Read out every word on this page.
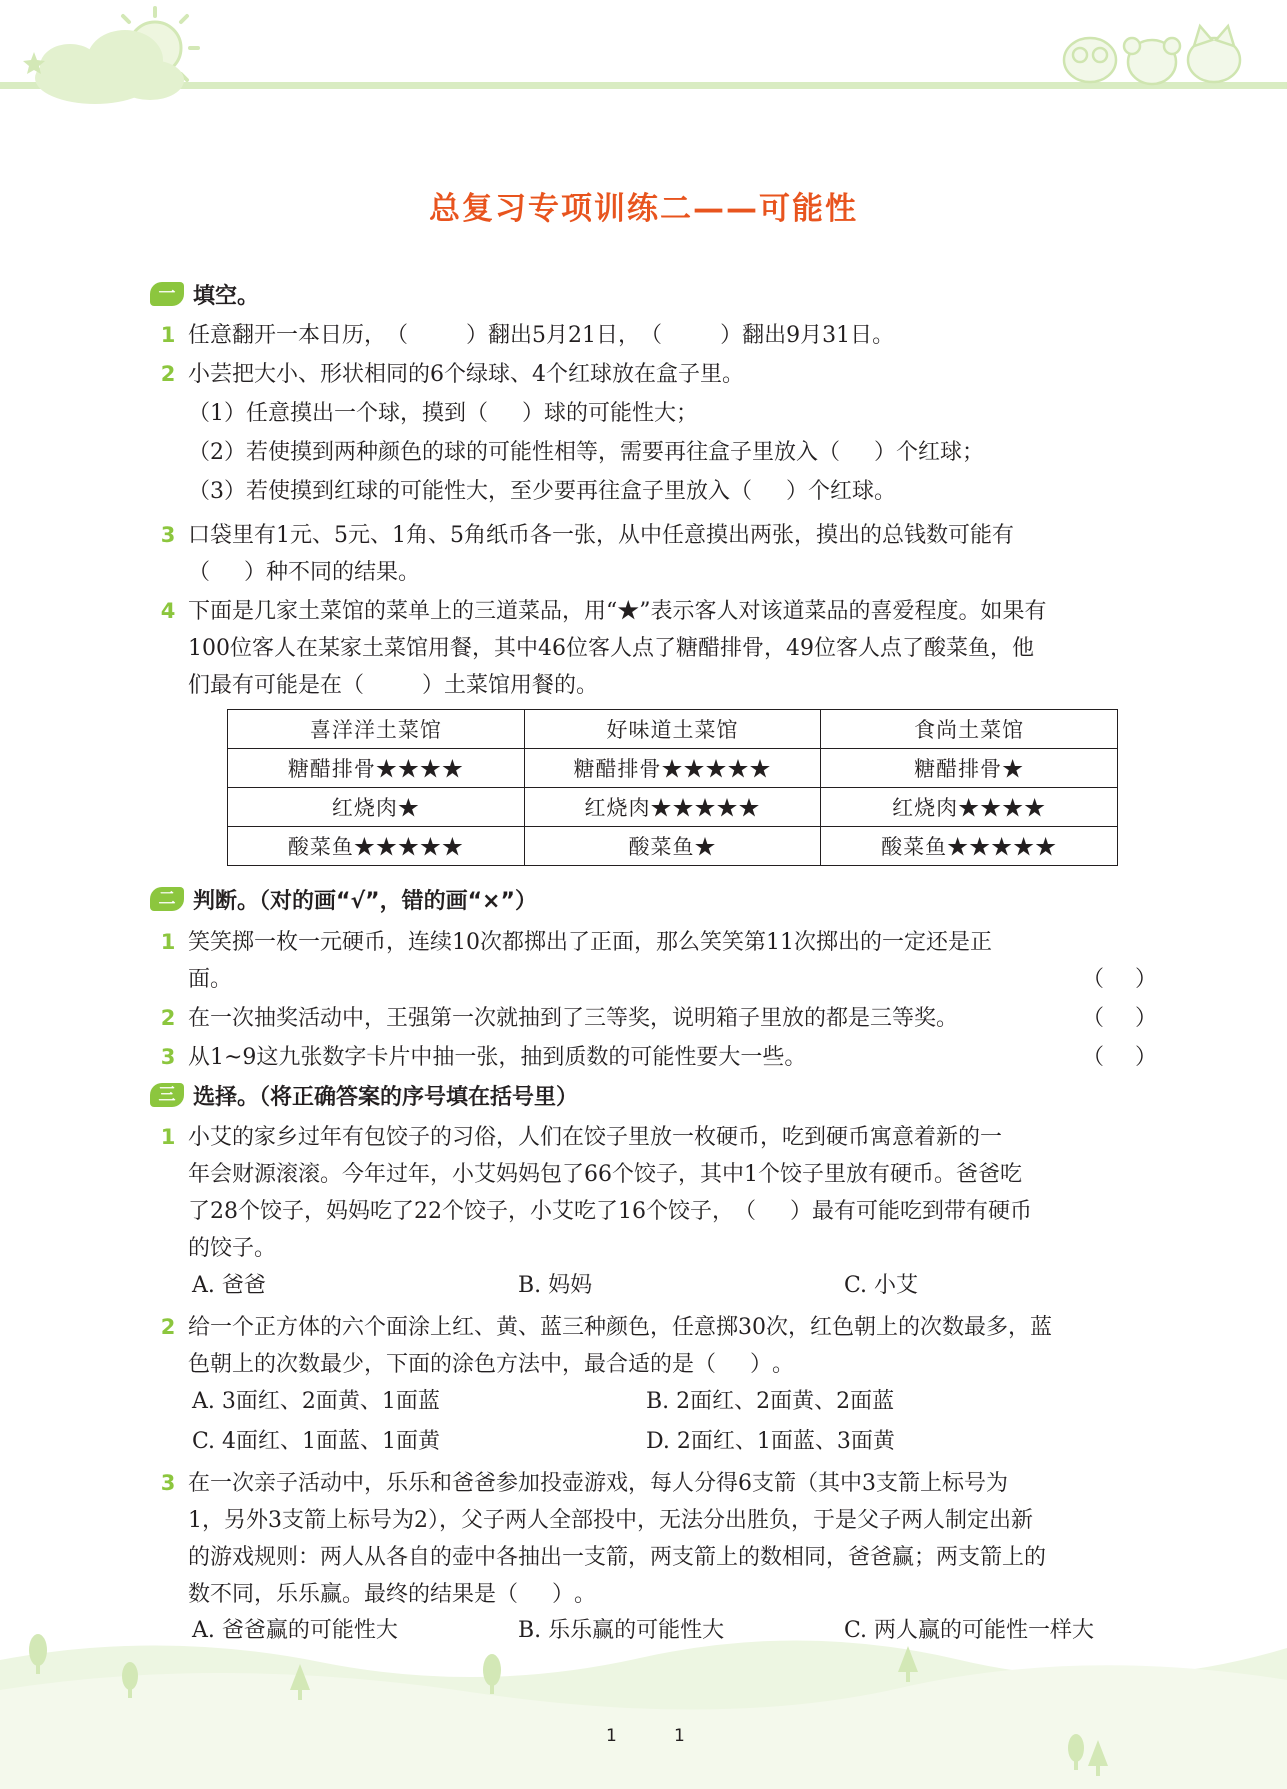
总复习专项训练二——可能性
一 填空。
1 任意翻开一本日历，（	）翻出5月21日，（	）翻出9月31日。
2 小芸把大小、形状相同的6个绿球、4个红球放在盒子里。
（1）任意摸出一个球，摸到（ ）球的可能性大；
（2）若使摸到两种颜色的球的可能性相等，需要再往盒子里放入（ ）个红球；
（3）若使摸到红球的可能性大，至少要再往盒子里放入（ ）个红球。
3 口袋里有1元、5元、1角、5角纸币各一张，从中任意摸出两张，摸出的总钱数可能有
（ ）种不同的结果。
4 下面是几家土菜馆的菜单上的三道菜品，用“★”表示客人对该道菜品的喜爱程度。如果有
100位客人在某家土菜馆用餐，其中46位客人点了糖醋排骨，49位客人点了酸菜鱼，他
们最有可能是在（	）土菜馆用餐的。
喜洋洋土菜馆	好味道土菜馆	食尚土菜馆
糖醋排骨★★★★	糖醋排骨★★★★★	糖醋排骨★
红烧肉★	红烧肉★★★★★	红烧肉★★★★
酸菜鱼★★★★★	酸菜鱼★	酸菜鱼★★★★★
二 判断。（对的画“√”，错的画“×”）
1 笑笑掷一枚一元硬币，连续10次都掷出了正面，那么笑笑第11次掷出的一定还是正
面。	（ ）
2 在一次抽奖活动中，王强第一次就抽到了三等奖，说明箱子里放的都是三等奖。	（ ）
3 从1~9这九张数字卡片中抽一张，抽到质数的可能性要大一些。	（ ）
三 选择。（将正确答案的序号填在括号里）
1 小艾的家乡过年有包饺子的习俗，人们在饺子里放一枚硬币，吃到硬币寓意着新的一
年会财源滚滚。今年过年，小艾妈妈包了66个饺子，其中1个饺子里放有硬币。爸爸吃
了28个饺子，妈妈吃了22个饺子，小艾吃了16个饺子，（ ）最有可能吃到带有硬币
的饺子。
A. 爸爸	B. 妈妈	C. 小艾
2 给一个正方体的六个面涂上红、黄、蓝三种颜色，任意掷30次，红色朝上的次数最多，蓝
色朝上的次数最少，下面的涂色方法中，最合适的是（ ）。
A. 3面红、2面黄、1面蓝	B. 2面红、2面黄、2面蓝
C. 4面红、1面蓝、1面黄	D. 2面红、1面蓝、3面黄
3 在一次亲子活动中，乐乐和爸爸参加投壶游戏，每人分得6支箭（其中3支箭上标号为
1，另外3支箭上标号为2），父子两人全部投中，无法分出胜负，于是父子两人制定出新
的游戏规则：两人从各自的壶中各抽出一支箭，两支箭上的数相同，爸爸赢；两支箭上的
数不同，乐乐赢。最终的结果是（ ）。
A. 爸爸赢的可能性大	B. 乐乐赢的可能性大	C. 两人赢的可能性一样大
1	1
